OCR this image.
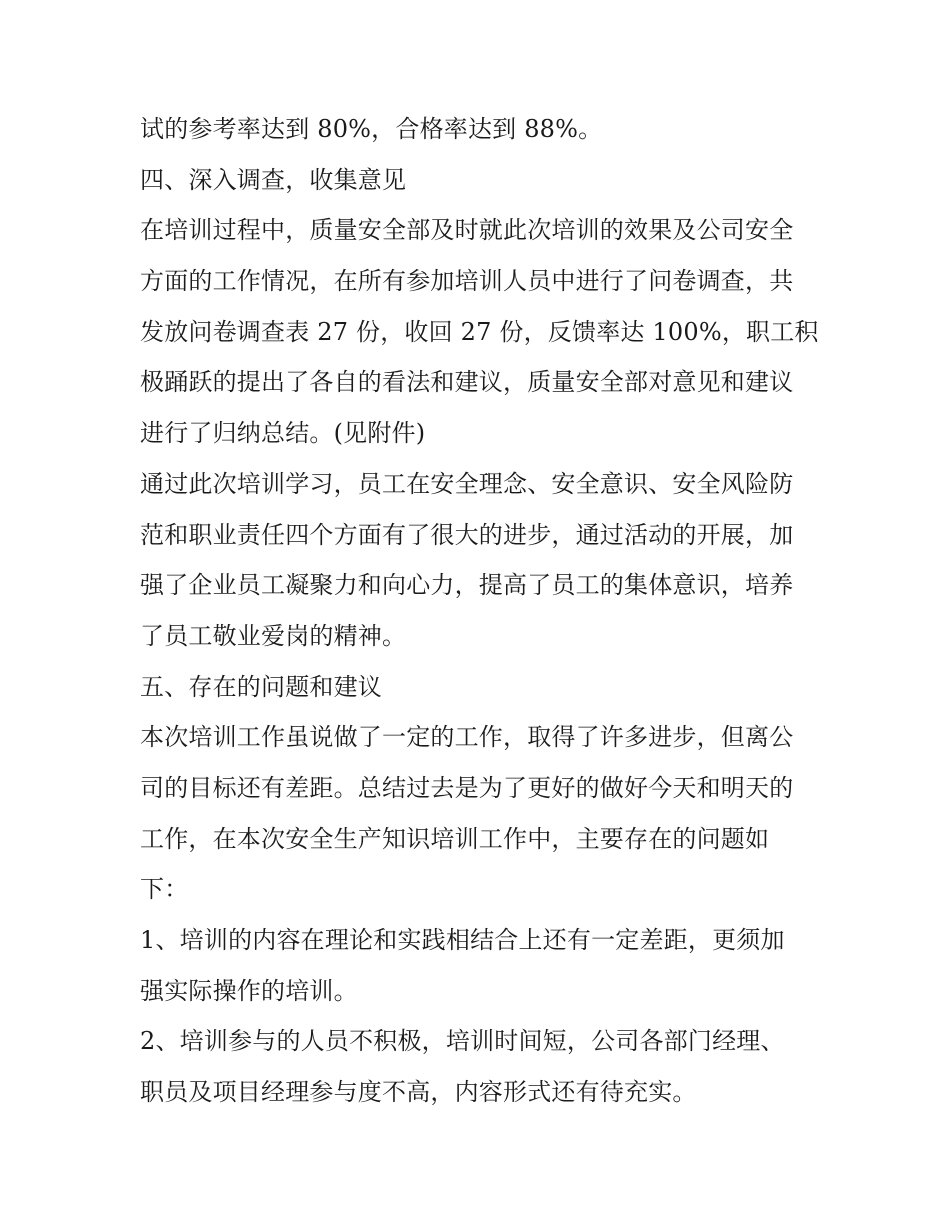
试的参考率达到 80%，合格率达到 88%。
四、深入调查，收集意见
在培训过程中，质量安全部及时就此次培训的效果及公司安全
方面的工作情况，在所有参加培训人员中进行了问卷调查，共
发放问卷调查表 27 份，收回 27 份，反馈率达 100%，职工积
极踊跃的提出了各自的看法和建议，质量安全部对意见和建议
进行了归纳总结。(见附件)
通过此次培训学习，员工在安全理念、安全意识、安全风险防
范和职业责任四个方面有了很大的进步，通过活动的开展，加
强了企业员工凝聚力和向心力，提高了员工的集体意识，培养
了员工敬业爱岗的精神。
五、存在的问题和建议
本次培训工作虽说做了一定的工作，取得了许多进步，但离公
司的目标还有差距。总结过去是为了更好的做好今天和明天的
工作，在本次安全生产知识培训工作中，主要存在的问题如
下：
1、培训的内容在理论和实践相结合上还有一定差距，更须加
强实际操作的培训。
2、培训参与的人员不积极，培训时间短，公司各部门经理、
职员及项目经理参与度不高，内容形式还有待充实。
